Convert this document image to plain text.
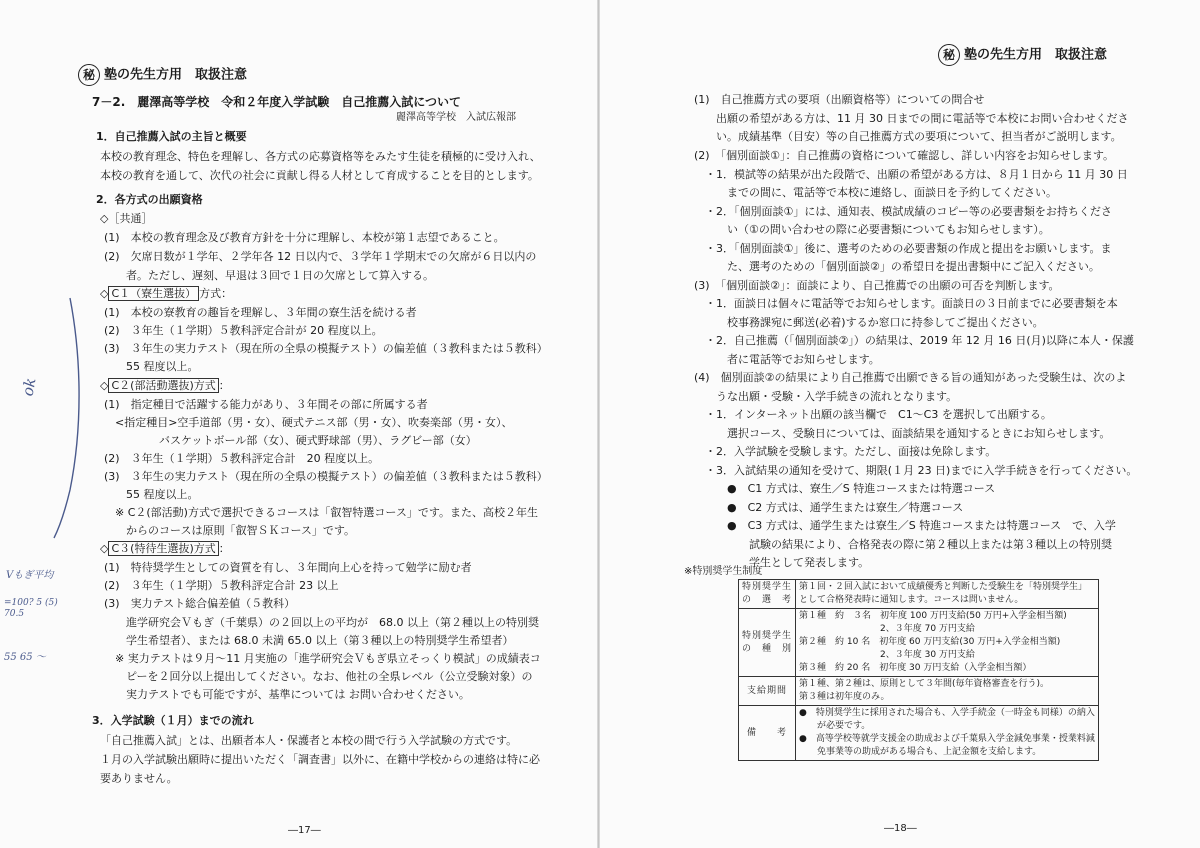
秘 塾の先生方用　取扱注意
7－2.　麗澤高等学校　令和２年度入学試験　自己推薦入試について
麗澤高等学校　入試広報部
1．自己推薦入試の主旨と概要
本校の教育理念、特色を理解し、各方式の応募資格等をみたす生徒を積極的に受け入れ、
本校の教育を通して、次代の社会に貢献し得る人材として育成することを目的とします。
2．各方式の出願資格
◇［共通］
(1)　本校の教育理念及び教育方針を十分に理解し、本校が第１志望であること。
(2)　欠席日数が１学年、２学年各 12 日以内で、３学年１学期末での欠席が６日以内の
　　者。ただし、遅刻、早退は３回で１日の欠席として算入する。
◇ C１（寮生選抜） 方式：
(1)　本校の寮教育の趣旨を理解し、３年間の寮生活を続ける者
(2)　３年生（１学期）５教科評定合計が 20 程度以上。
(3)　３年生の実力テスト（現在所の全県の模擬テスト）の偏差値（３教科または５教科）
　　55 程度以上。
◇ C２(部活動選抜)方式 ：
(1)　指定種目で活躍する能力があり、３年間その部に所属する者
　<指定種目>空手道部（男・女）、硬式テニス部（男・女）、吹奏楽部（男・女）、
　　　　　バスケットボール部（女）、硬式野球部（男）、ラグビー部（女）
(2)　３年生（１学期）５教科評定合計　20 程度以上。
(3)　３年生の実力テスト（現在所の全県の模擬テスト）の偏差値（３教科または５教科）
　　55 程度以上。
　※ C２(部活動)方式で選択できるコースは「叡智特選コース」です。また、高校２年生
　　からのコースは原則「叡智ＳＫコース」です。
◇ C３(特待生選抜)方式 ：
(1)　特待奨学生としての資質を有し、３年間向上心を持って勉学に励む者
(2)　３年生（１学期）５教科評定合計 23 以上
(3)　実力テスト総合偏差値（５教科）
　　進学研究会Ｖもぎ（千葉県）の２回以上の平均が　68.0 以上（第２種以上の特別奨
　　学生希望者）、または 68.0 未満 65.0 以上（第３種以上の特別奨学生希望者）
　※ 実力テストは９月～11 月実施の「進学研究会Ｖもぎ県立そっくり模試」の成績表コ
　　ピーを２回分以上提出してください。なお、他社の全県レベル（公立受験対象）の
　　実力テストでも可能ですが、基準については お問い合わせください。
3．入学試験（１月）までの流れ
「自己推薦入試」とは、出願者本人・保護者と本校の間で行う入学試験の方式です。
１月の入学試験出願時に提出いただく「調査書」以外に、在籍中学校からの連絡は特に必
要ありません。
―17―
ok
Vもぎ平均
=100? 5 (5) 70.5
55 65 ～
秘 塾の先生方用　取扱注意
(1)　自己推薦方式の要項（出願資格等）についての問合せ
　　出願の希望がある方は、11 月 30 日までの間に電話等で本校にお問い合わせくださ
　　い。成績基準（目安）等の自己推薦方式の要項について、担当者がご説明します。
(2)　「個別面談①」：自己推薦の資格について確認し、詳しい内容をお知らせします。
　・1．模試等の結果が出た段階で、出願の希望がある方は、８月１日から 11 月 30 日
　　　までの間に、電話等で本校に連絡し、面談日を予約してください。
　・2．「個別面談①」には、通知表、模試成績のコピー等の必要書類をお持ちくださ
　　　い（①の問い合わせの際に必要書類についてもお知らせします）。
　・3．「個別面談①」後に、選考のための必要書類の作成と提出をお願いします。ま
　　　た、選考のための「個別面談②」の希望日を提出書類中にご記入ください。
(3)　「個別面談②」：面談により、自己推薦での出願の可否を判断します。
　・1．面談日は個々に電話等でお知らせします。面談日の３日前までに必要書類を本
　　　校事務課宛に郵送(必着)するか窓口に持参してご提出ください。
　・2．自己推薦（「個別面談②」）の結果は、2019 年 12 月 16 日(月)以降に本人・保護
　　　者に電話等でお知らせします。
(4)　個別面談②の結果により自己推薦で出願できる旨の通知があった受験生は、次のよ
　　うな出願・受験・入学手続きの流れとなります。
　・1．インターネット出願の該当欄で　C1～C3 を選択して出願する。
　　　選択コース、受験日については、面談結果を通知するときにお知らせします。
　・2．入学試験を受験します。ただし、面接は免除します。
　・3．入試結果の通知を受けて、期限(１月 23 日)までに入学手続きを行ってください。
　　　●　C1 方式は、寮生／S 特進コースまたは特選コース
　　　●　C2 方式は、通学生または寮生／特選コース
　　　●　C3 方式は、通学生または寮生／S 特進コースまたは特選コース　で、入学
　　　　　試験の結果により、合格発表の際に第２種以上または第３種以上の特別奨
　　　　　学生として発表します。
※特別奨学生制度
特別奨学生
の　選　考	第１回・２回入試において成績優秀と判断した受験生を「特別奨学生」
として合格発表時に通知します。コースは問いません。

特別奨学生
の　種　別	第１種　約　３名　初年度 100 万円支給(50 万円+入学金相当額)
　　　　　　　　　2、３年度 70 万円支給
第２種　約 10 名　初年度 60 万円支給(30 万円+入学金相当額)
　　　　　　　　　2、３年度 30 万円支給
第３種　約 20 名　初年度 30 万円支給（入学金相当額）

支給期間	第１種、第２種は、原則として３年間(毎年資格審査を行う)。
第３種は初年度のみ。

備　　考	●　特別奨学生に採用された場合も、入学手続金（一時金も同様）の納入
　　が必要です。
●　高等学校等就学支援金の助成および千葉県入学金減免事業・授業料減
　　免事業等の助成がある場合も、上記金額を支給します。
―18―
